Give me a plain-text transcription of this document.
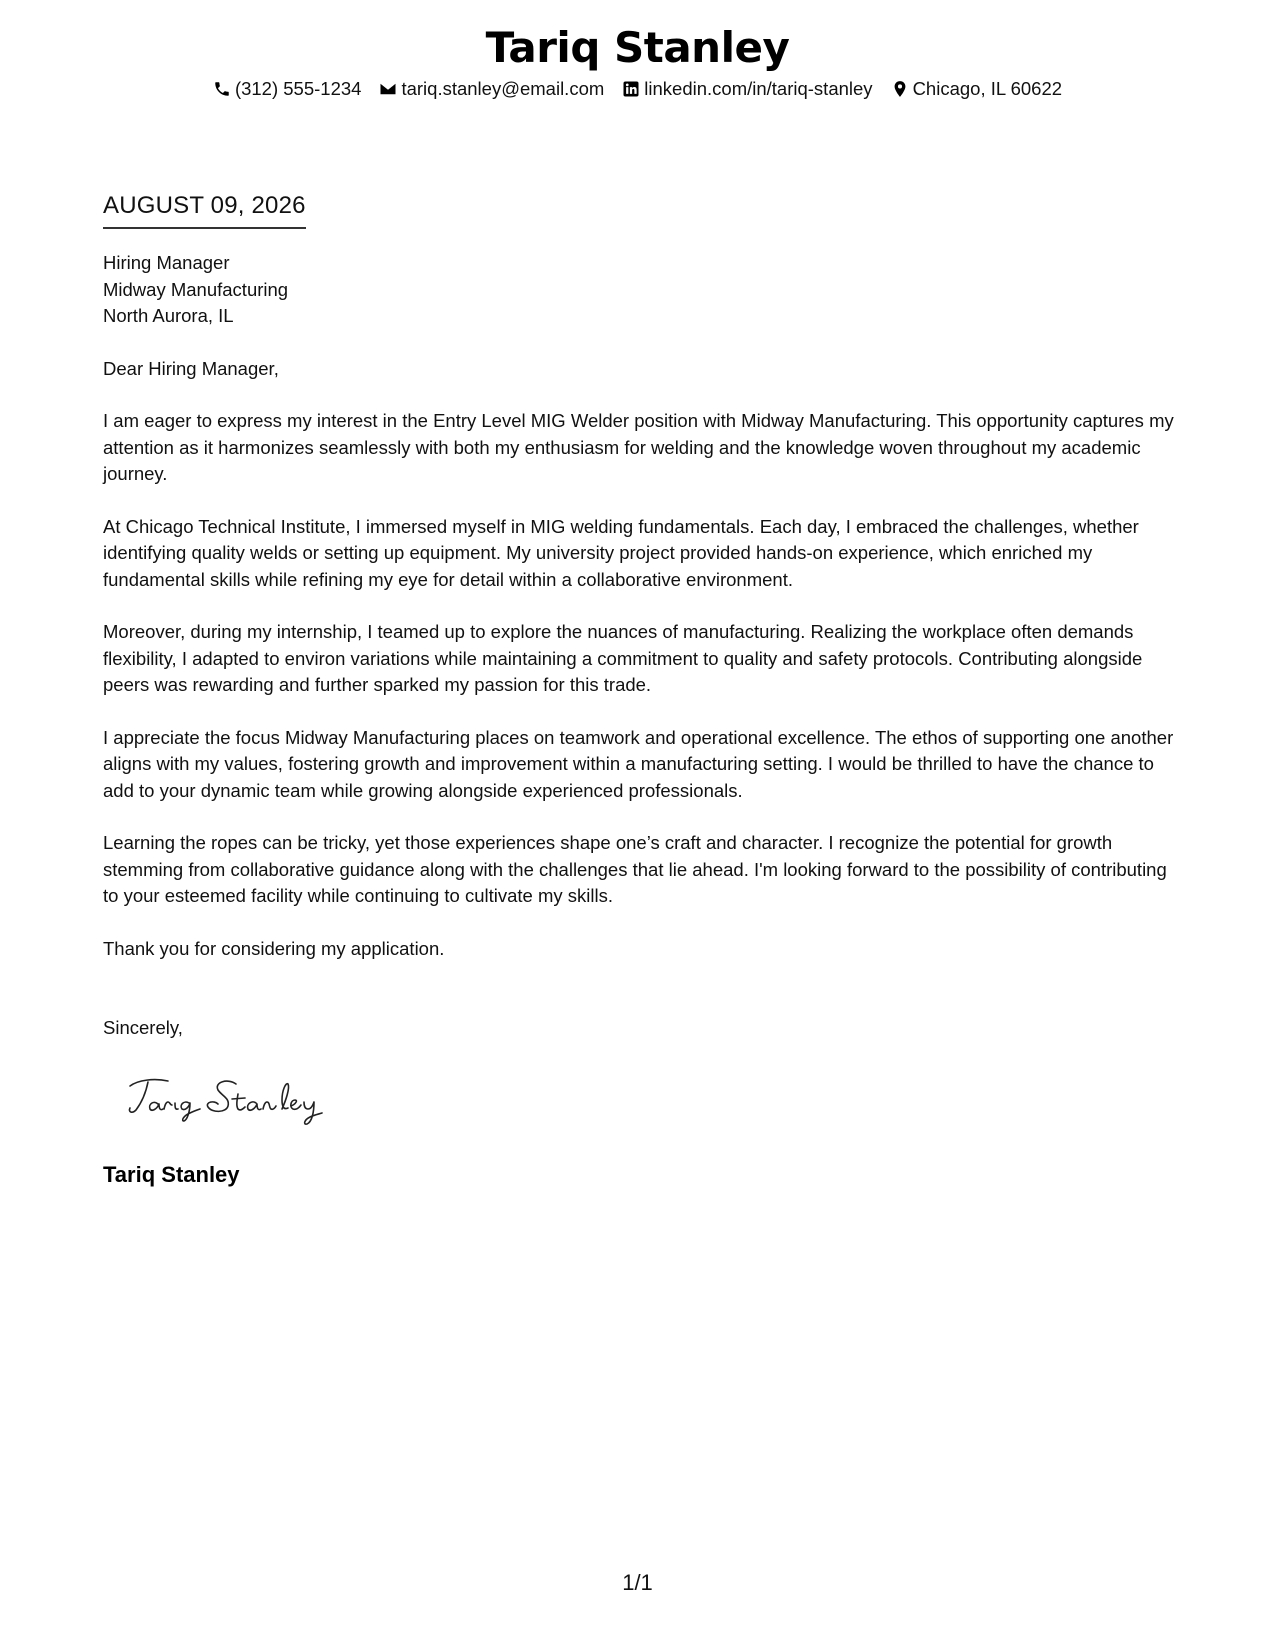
Tariq Stanley
(312) 555-1234 tariq.stanley@email.com linkedin.com/in/tariq-stanley Chicago, IL 60622
AUGUST 09, 2026
Hiring Manager
Midway Manufacturing
North Aurora, IL

Dear Hiring Manager,

I am eager to express my interest in the Entry Level MIG Welder position with Midway Manufacturing. This opportunity captures my attention as it harmonizes seamlessly with both my enthusiasm for welding and the knowledge woven throughout my academic journey.

At Chicago Technical Institute, I immersed myself in MIG welding fundamentals. Each day, I embraced the challenges, whether identifying quality welds or setting up equipment. My university project provided hands-on experience, which enriched my fundamental skills while refining my eye for detail within a collaborative environment.

Moreover, during my internship, I teamed up to explore the nuances of manufacturing. Realizing the workplace often demands flexibility, I adapted to environ variations while maintaining a commitment to quality and safety protocols. Contributing alongside peers was rewarding and further sparked my passion for this trade.

I appreciate the focus Midway Manufacturing places on teamwork and operational excellence. The ethos of supporting one another aligns with my values, fostering growth and improvement within a manufacturing setting. I would be thrilled to have the chance to add to your dynamic team while growing alongside experienced professionals.

Learning the ropes can be tricky, yet those experiences shape one’s craft and character. I recognize the potential for growth stemming from collaborative guidance along with the challenges that lie ahead. I'm looking forward to the possibility of contributing to your esteemed facility while continuing to cultivate my skills.

Thank you for considering my application.

Sincerely,
Tariq Stanley
1/1
